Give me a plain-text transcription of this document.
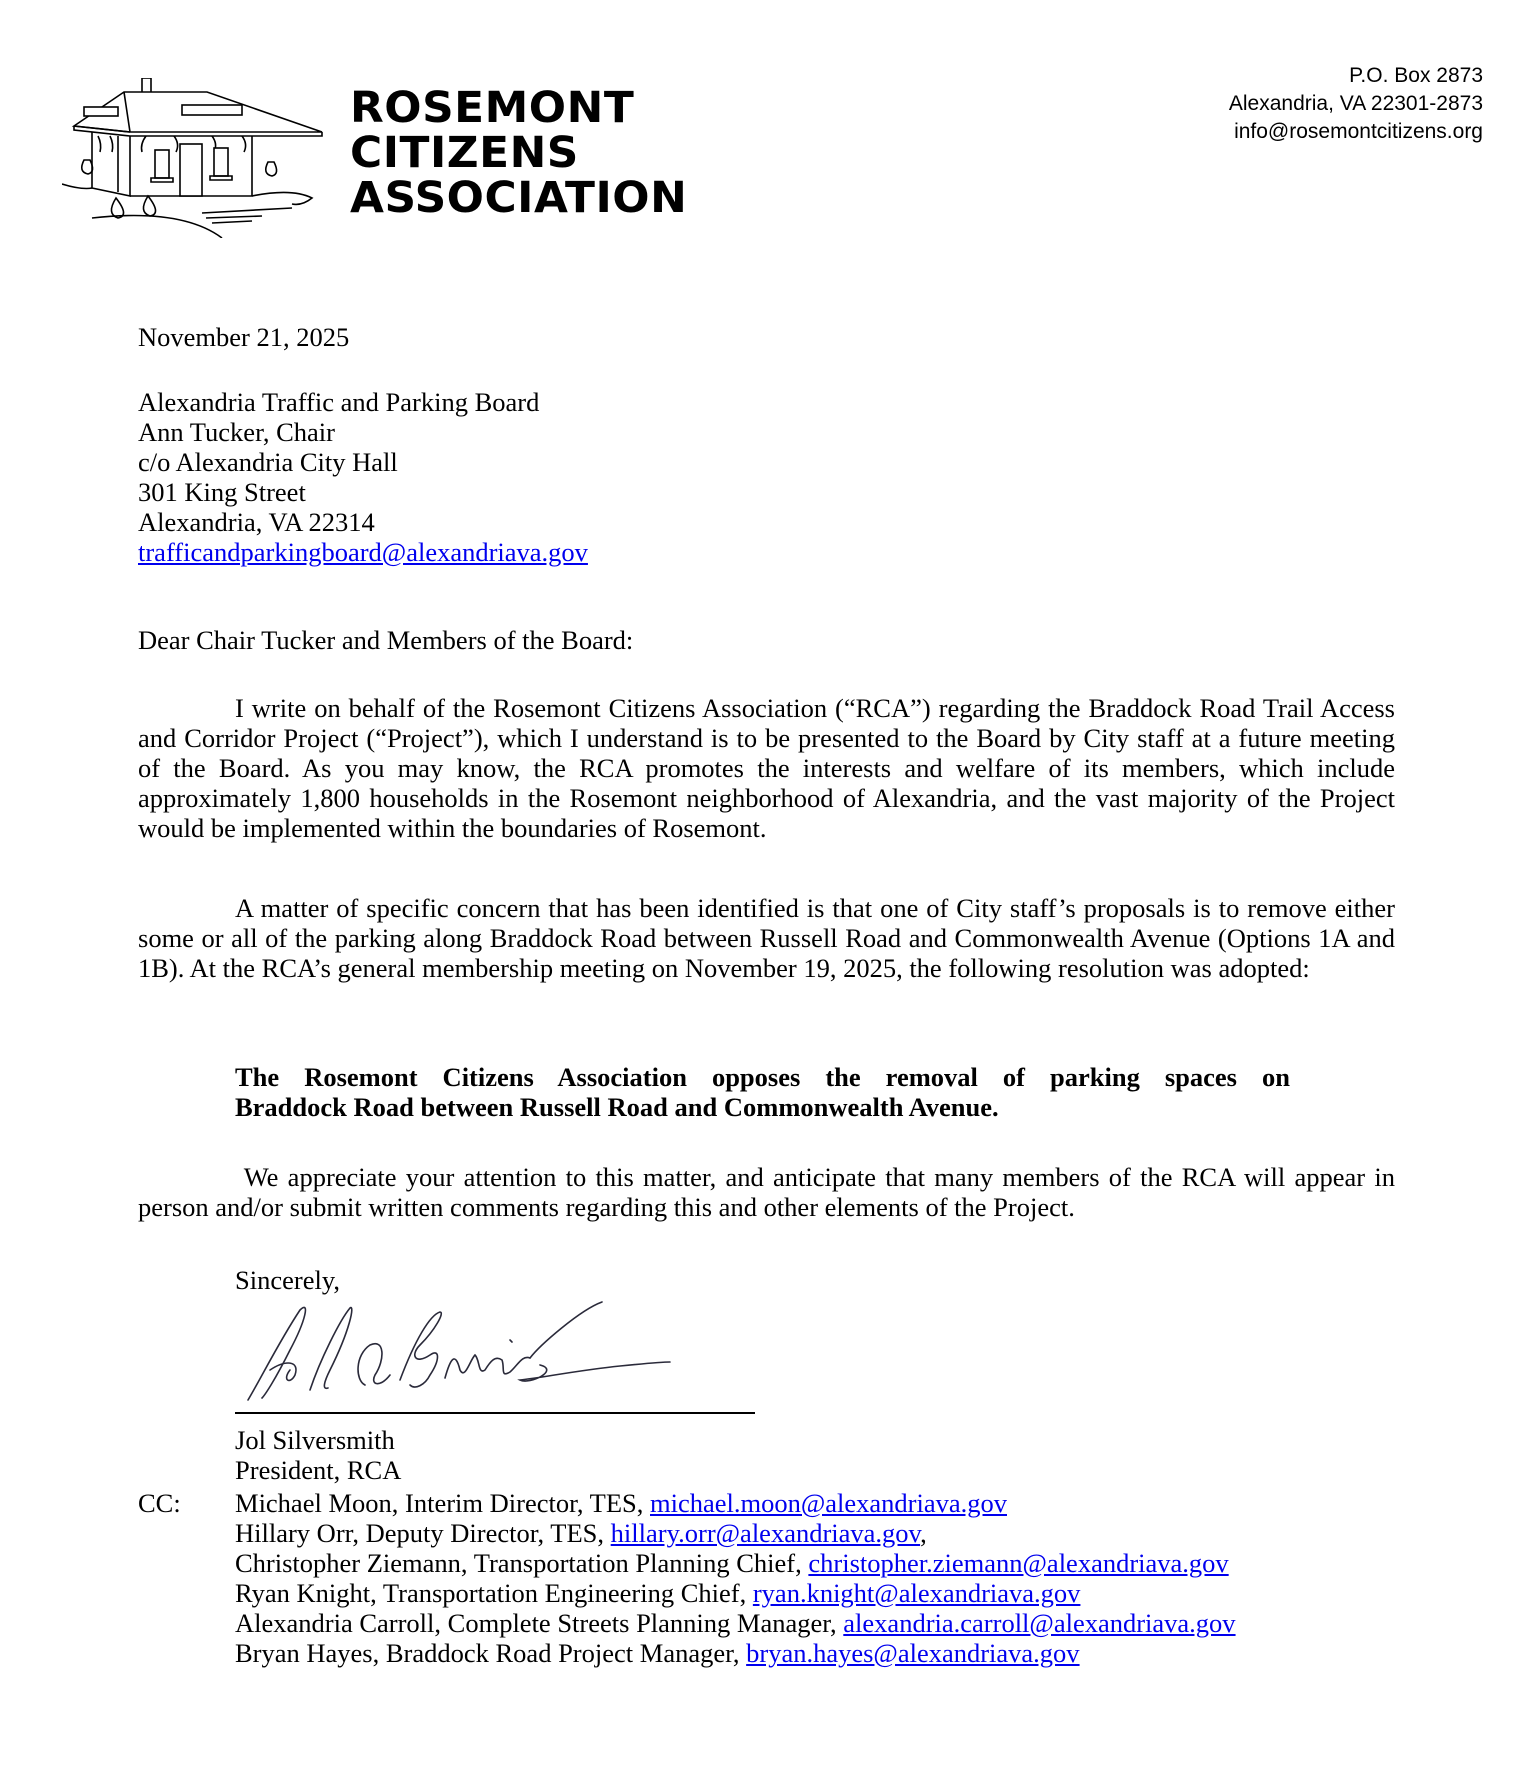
ROSEMONT
CITIZENS
ASSOCIATION
P.O. Box 2873
Alexandria, VA 22301-2873
info@rosemontcitizens.org
November 21, 2025
Alexandria Traffic and Parking Board
Ann Tucker, Chair
c/o Alexandria City Hall
301 King Street
Alexandria, VA 22314
trafficandparkingboard@alexandriava.gov
Dear Chair Tucker and Members of the Board:
I write on behalf of the Rosemont Citizens Association (“RCA”) regarding the Braddock Road Trail Access and Corridor Project (“Project”), which I understand is to be presented to the Board by City staff at a future meeting of the Board. As you may know, the RCA promotes the interests and welfare of its members, which include approximately 1,800 households in the Rosemont neighborhood of Alexandria, and the vast majority of the Project would be implemented within the boundaries of Rosemont.
A matter of specific concern that has been identified is that one of City staff’s proposals is to remove either some or all of the parking along Braddock Road between Russell Road and Commonwealth Avenue (Options 1A and 1B). At the RCA’s general membership meeting on November 19, 2025, the following resolution was adopted:
The Rosemont Citizens Association opposes the removal of parking spaces on
Braddock Road between Russell Road and Commonwealth Avenue.
We appreciate your attention to this matter, and anticipate that many members of the RCA will appear in person and/or submit written comments regarding this and other elements of the Project.
Sincerely,
Jol Silversmith
President, RCA
CC: Michael Moon, Interim Director, TES, michael.moon@alexandriava.gov
Hillary Orr, Deputy Director, TES, hillary.orr@alexandriava.gov,
Christopher Ziemann, Transportation Planning Chief, christopher.ziemann@alexandriava.gov
Ryan Knight, Transportation Engineering Chief, ryan.knight@alexandriava.gov
Alexandria Carroll, Complete Streets Planning Manager, alexandria.carroll@alexandriava.gov
Bryan Hayes, Braddock Road Project Manager, bryan.hayes@alexandriava.gov
